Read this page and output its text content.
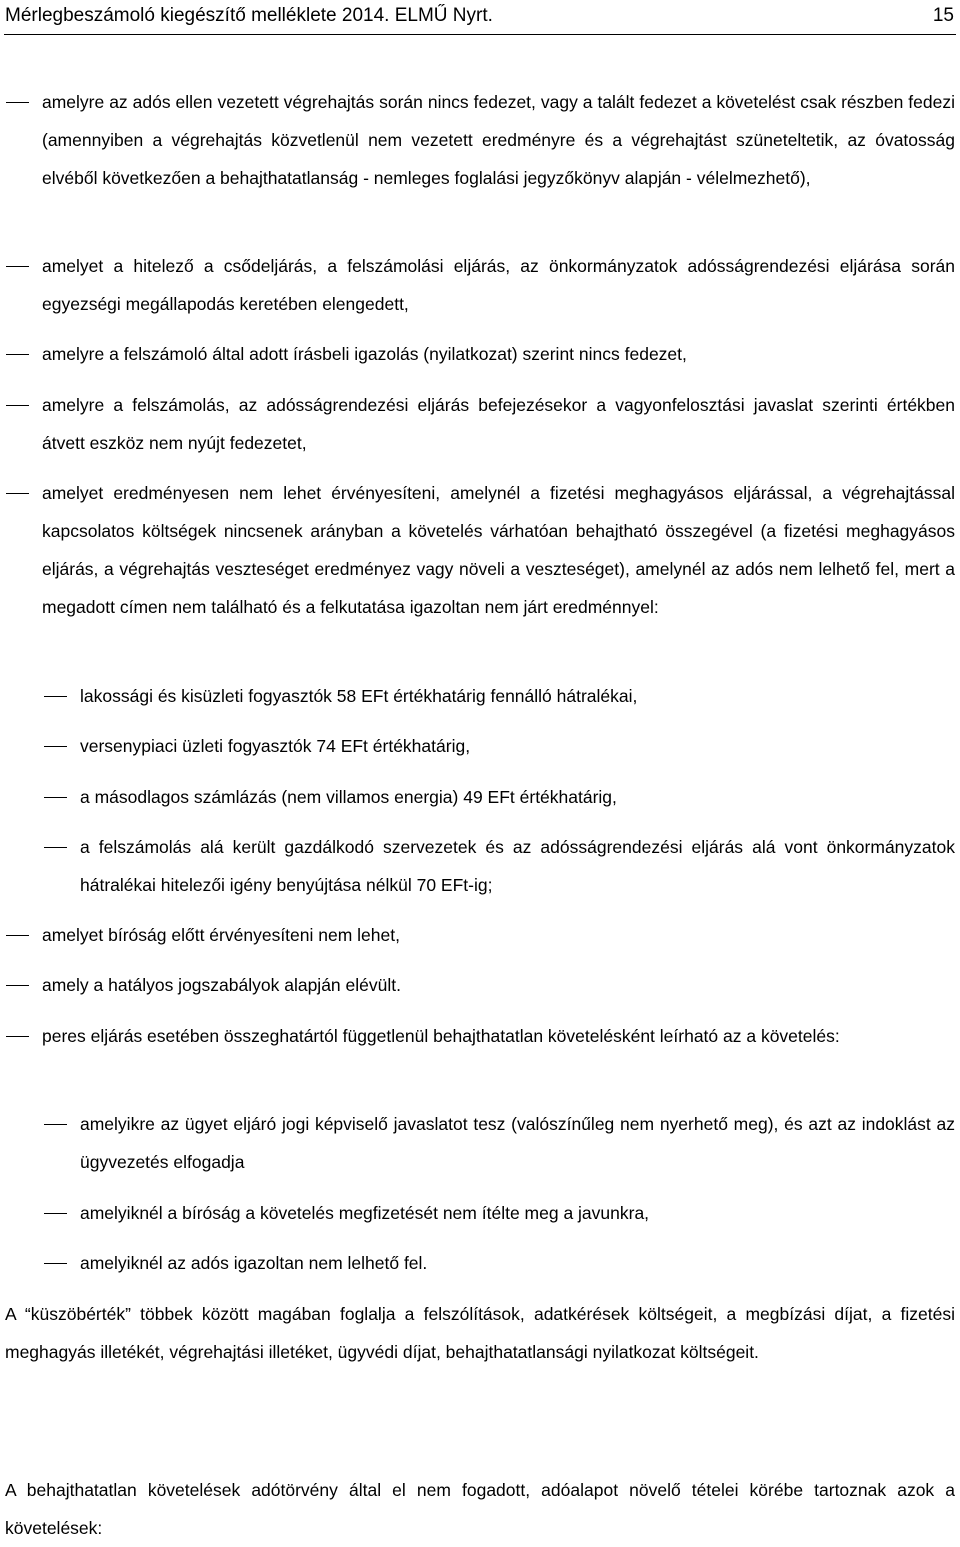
Mérlegbeszámoló kiegészítő melléklete 2014. ELMŰ Nyrt.	15
amelyre az adós ellen vezetett végrehajtás során nincs fedezet, vagy a talált fedezet a követelést csak részben fedezi (amennyiben a végrehajtás közvetlenül nem vezetett eredményre és a végrehajtást szüneteltetik, az óvatosság elvéből következően a behajthatatlanság - nemleges foglalási jegyzőkönyv alapján - vélelmezhető),
amelyet a hitelező a csődeljárás, a felszámolási eljárás, az önkormányzatok adósságrendezési eljárása során egyezségi megállapodás keretében elengedett,
amelyre a felszámoló által adott írásbeli igazolás (nyilatkozat) szerint nincs fedezet,
amelyre a felszámolás, az adósságrendezési eljárás befejezésekor a vagyonfelosztási javaslat szerinti értékben átvett eszköz nem nyújt fedezetet,
amelyet eredményesen nem lehet érvényesíteni, amelynél a fizetési meghagyásos eljárással, a végrehajtással kapcsolatos költségek nincsenek arányban a követelés várhatóan behajtható összegével (a fizetési meghagyásos eljárás, a végrehajtás veszteséget eredményez vagy növeli a veszteséget), amelynél az adós nem lelhető fel, mert a megadott címen nem található és a felkutatása igazoltan nem járt eredménnyel:
lakossági és kisüzleti fogyasztók 58 EFt értékhatárig fennálló hátralékai,
versenypiaci üzleti fogyasztók 74 EFt értékhatárig,
a másodlagos számlázás (nem villamos energia) 49 EFt értékhatárig,
a felszámolás alá került gazdálkodó szervezetek és az adósságrendezési eljárás alá vont önkormányzatok hátralékai hitelezői igény benyújtása nélkül 70 EFt-ig;
amelyet bíróság előtt érvényesíteni nem lehet,
amely a hatályos jogszabályok alapján elévült.
peres eljárás esetében összeghatártól függetlenül behajthatatlan követelésként leírható az a követelés:
amelyikre az ügyet eljáró jogi képviselő javaslatot tesz (valószínűleg nem nyerhető meg), és azt az indoklást az ügyvezetés elfogadja
amelyiknél a bíróság a követelés megfizetését nem ítélte meg a javunkra,
amelyiknél az adós igazoltan nem lelhető fel.
A “küszöbérték” többek között magában foglalja a felszólítások, adatkérések költségeit, a megbízási díjat, a fizetési meghagyás illetékét, végrehajtási illetéket, ügyvédi díjat, behajthatatlansági nyilatkozat költségeit.
A behajthatatlan követelések adótörvény által el nem fogadott, adóalapot növelő tételei körébe tartoznak azok a követelések:
